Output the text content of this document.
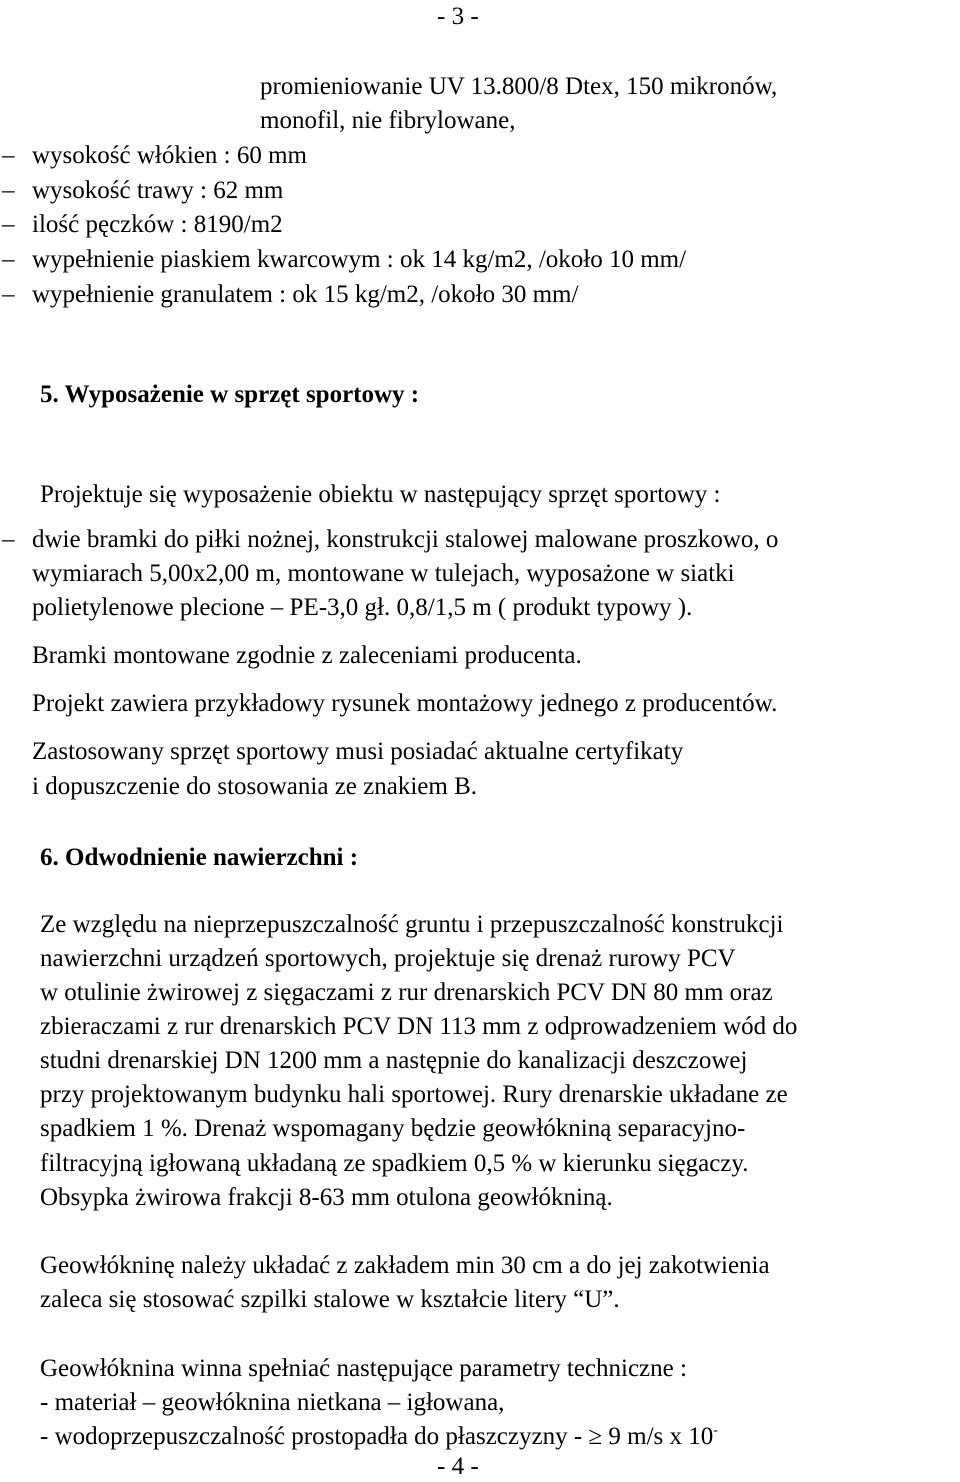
- 3 -
promieniowanie UV 13.800/8 Dtex, 150 mikronów,
monofil, nie fibrylowane,
– wysokość włókien : 60 mm
– wysokość trawy : 62 mm
– ilość pęczków : 8190/m2
– wypełnienie piaskiem kwarcowym : ok 14 kg/m2, /około 10 mm/
– wypełnienie granulatem : ok 15 kg/m2, /około 30 mm/
5. Wyposażenie w sprzęt sportowy :
Projektuje się wyposażenie obiektu w następujący sprzęt sportowy :
– dwie bramki do piłki nożnej, konstrukcji stalowej malowane proszkowo, o
wymiarach 5,00x2,00 m, montowane w tulejach, wyposażone w siatki
polietylenowe plecione – PE-3,0 gł. 0,8/1,5 m ( produkt typowy ).
Bramki montowane zgodnie z zaleceniami producenta.
Projekt zawiera przykładowy rysunek montażowy jednego z producentów.
Zastosowany sprzęt sportowy musi posiadać aktualne certyfikaty
i dopuszczenie do stosowania ze znakiem B.
6. Odwodnienie nawierzchni :
Ze względu na nieprzepuszczalność gruntu i przepuszczalność konstrukcji
nawierzchni urządzeń sportowych, projektuje się drenaż rurowy PCV
w otulinie żwirowej z sięgaczami z rur drenarskich PCV DN 80 mm oraz
zbieraczami z rur drenarskich PCV DN 113 mm z odprowadzeniem wód do
studni drenarskiej DN 1200 mm a następnie do kanalizacji deszczowej
przy projektowanym budynku hali sportowej. Rury drenarskie układane ze
spadkiem 1 %. Drenaż wspomagany będzie geowłókniną separacyjno-
filtracyjną igłowaną układaną ze spadkiem 0,5 % w kierunku sięgaczy.
Obsypka żwirowa frakcji 8-63 mm otulona geowłókniną.
Geowłókninę należy układać z zakładem min 30 cm a do jej zakotwienia
zaleca się stosować szpilki stalowe w kształcie litery “U”.
Geowłóknina winna spełniać następujące parametry techniczne :
- materiał – geowłóknina nietkana – igłowana,
- wodoprzepuszczalność prostopadła do płaszczyzny - ≥ 9 m/s x 10-
- 4 -
